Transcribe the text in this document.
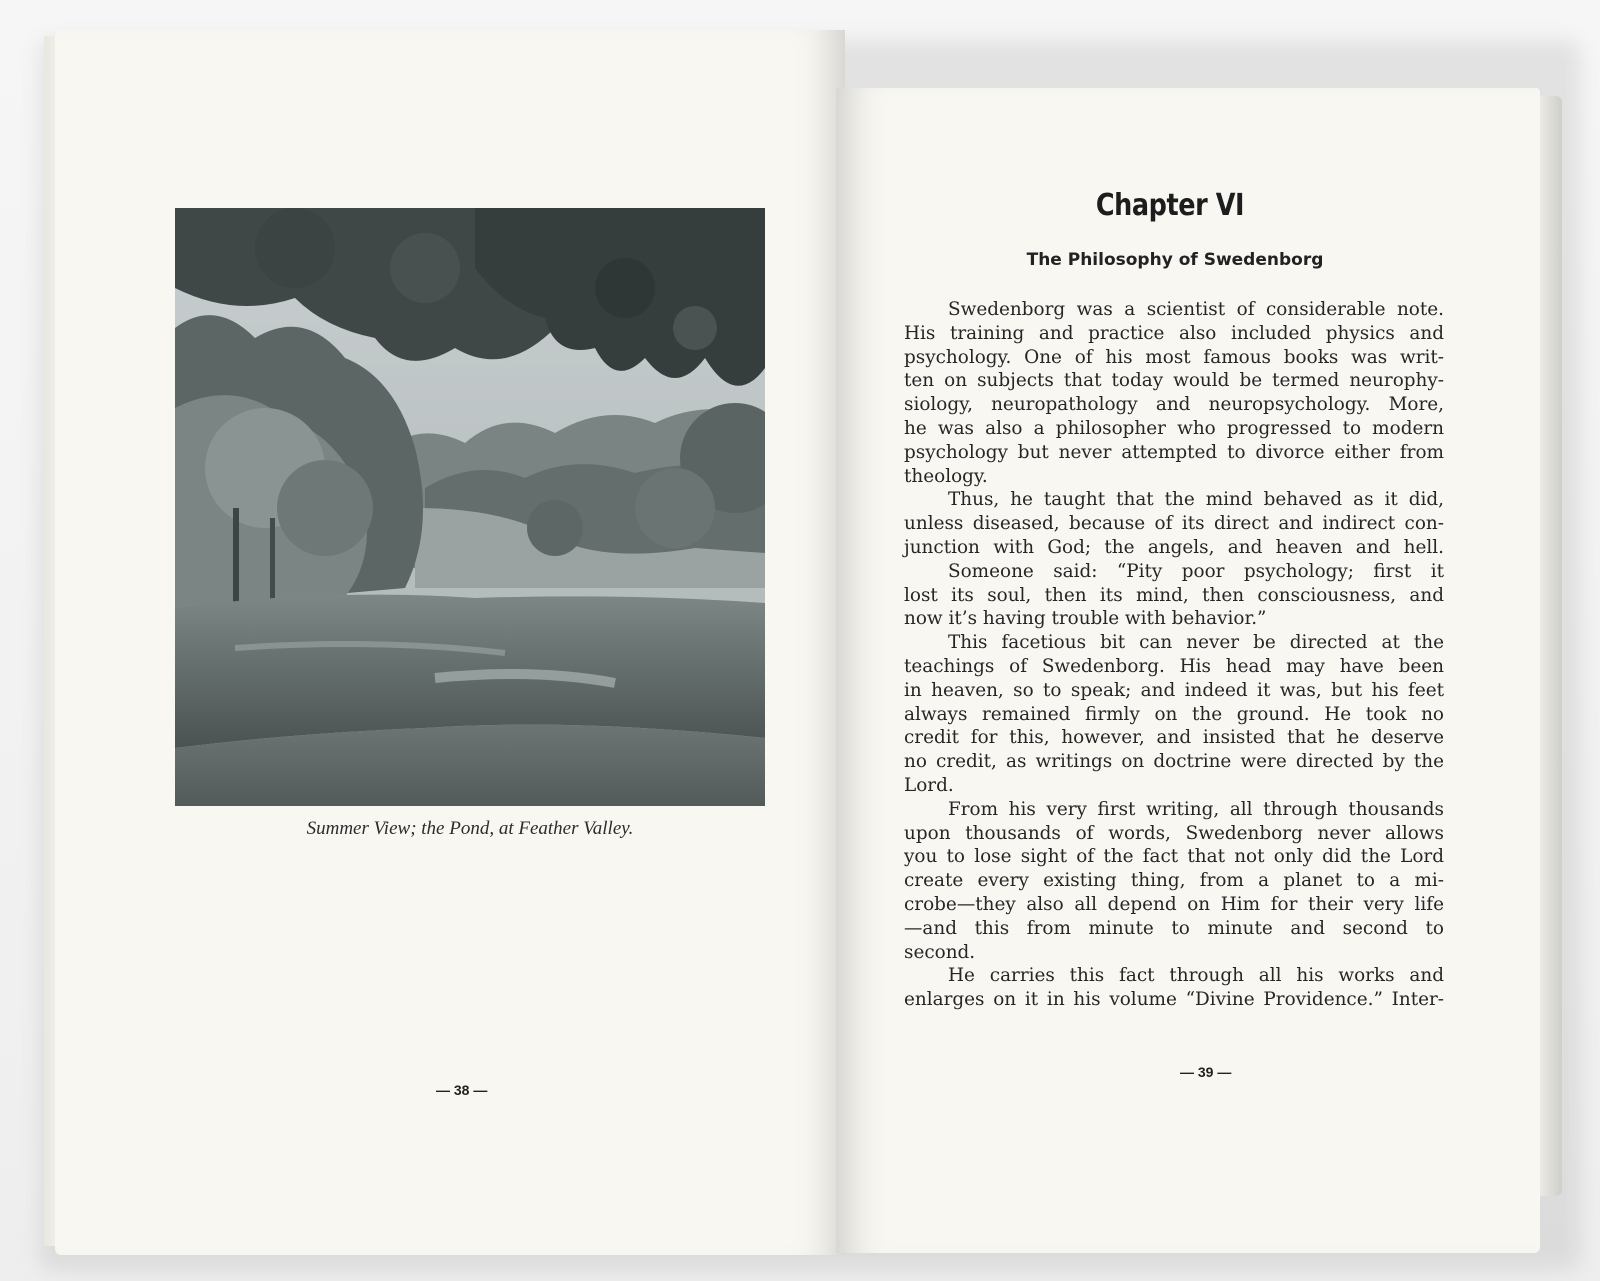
Summer View; the Pond, at Feather Valley.
— 38 —
Chapter VI
The Philosophy of Swedenborg
Swedenborg was a scientist of considerable note.
His training and practice also included physics and
psychology. One of his most famous books was writ-
ten on subjects that today would be termed neurophy-
siology, neuropathology and neuropsychology. More,
he was also a philosopher who progressed to modern
psychology but never attempted to divorce either from
theology.
Thus, he taught that the mind behaved as it did,
unless diseased, because of its direct and indirect con-
junction with God; the angels, and heaven and hell.
Someone said: “Pity poor psychology; first it
lost its soul, then its mind, then consciousness, and
now it’s having trouble with behavior.”
This facetious bit can never be directed at the
teachings of Swedenborg. His head may have been
in heaven, so to speak; and indeed it was, but his feet
always remained firmly on the ground. He took no
credit for this, however, and insisted that he deserve
no credit, as writings on doctrine were directed by the
Lord.
From his very first writing, all through thousands
upon thousands of words, Swedenborg never allows
you to lose sight of the fact that not only did the Lord
create every existing thing, from a planet to a mi-
crobe—they also all depend on Him for their very life
—and this from minute to minute and second to
second.
He carries this fact through all his works and
enlarges on it in his volume “Divine Providence.” Inter-
— 39 —
